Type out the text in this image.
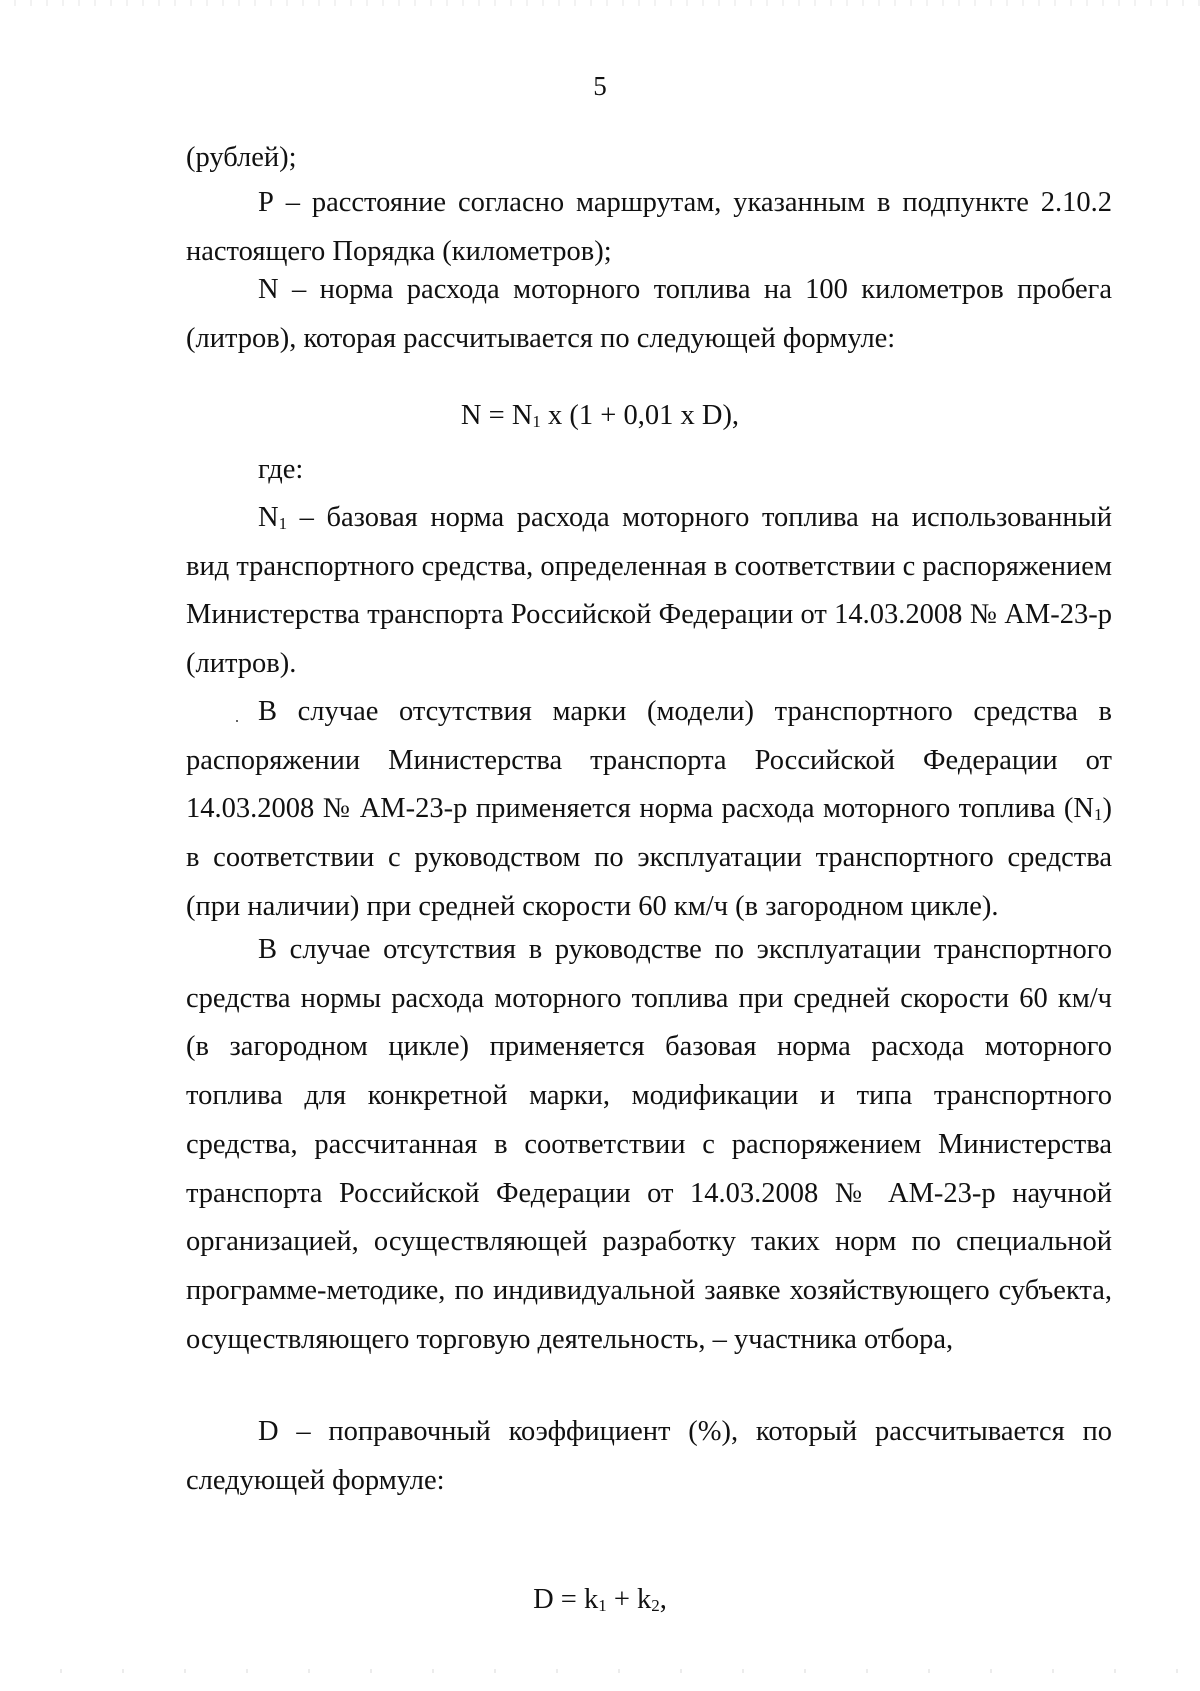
5
(рублей);
Р – расстояние согласно маршрутам, указанным в подпункте 2.10.2 настоящего Порядка (километров);
N – норма расхода моторного топлива на 100 километров пробега (литров), которая рассчитывается по следующей формуле:
N = N1 x (1 + 0,01 x D),
где:
N1 – базовая норма расхода моторного топлива на использованный вид транспортного средства, определенная в соответствии с распоряжением Министерства транспорта Российской Федерации от 14.03.2008 № АМ-23-р (литров).
В случае отсутствия марки (модели) транспортного средства в распоряжении Министерства транспорта Российской Федерации от 14.03.2008 № АМ-23-р применяется норма расхода моторного топлива (N1) в соответствии с руководством по эксплуатации транспортного средства (при наличии) при средней скорости 60 км/ч (в загородном цикле).
В случае отсутствия в руководстве по эксплуатации транспортного средства нормы расхода моторного топлива при средней скорости 60 км/ч (в загородном цикле) применяется базовая норма расхода моторного топлива для конкретной марки, модификации и типа транспортного средства, рассчитанная в соответствии с распоряжением Министерства транспорта Российской Федерации от 14.03.2008 № АМ-23-р научной организацией, осуществляющей разработку таких норм по специальной программе-методике, по индивидуальной заявке хозяйствующего субъекта, осуществляющего торговую деятельность, – участника отбора,
D – поправочный коэффициент (%), который рассчитывается по следующей формуле:
D = k1 + k2,
